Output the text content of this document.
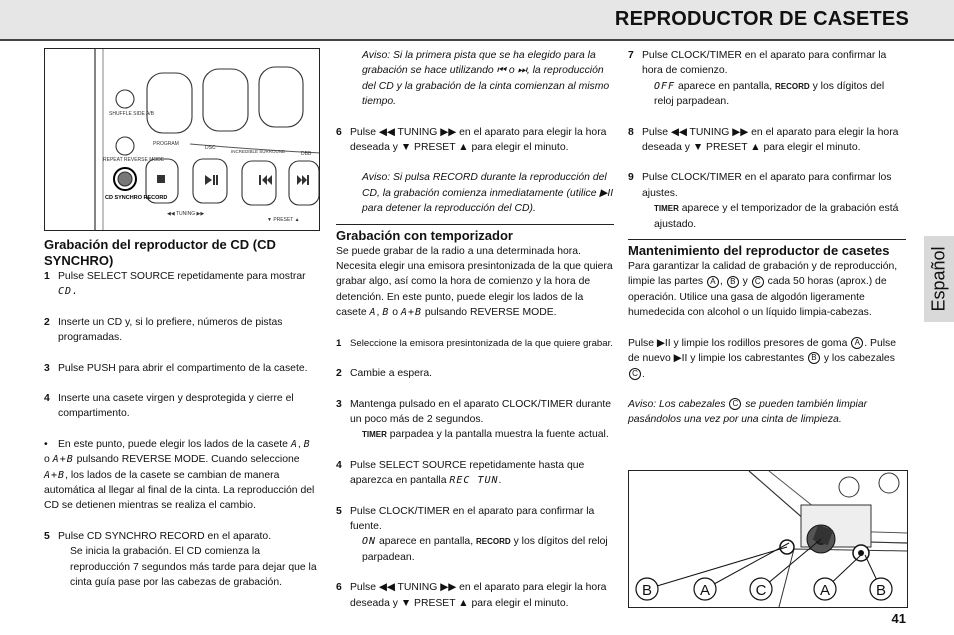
REPRODUCTOR DE CASETES
Español
SHUFFLE SIDE A/B
REPEAT REVERSE MODE
CD SYNCHRO RECORD
PROGRAM
DSC
INCREDIBLE SURROUND	DBB
◀◀ TUNING ▶▶
▼ PRESET ▲
Grabación del reproductor de CD (CD SYNCHRO)
1 Pulse SELECT SOURCE repetidamente para mostrar CD.
2 Inserte un CD y, si lo prefiere, números de pistas programadas.
3 Pulse PUSH para abrir el compartimento de la casete.
4 Inserte una casete virgen y desprotegida y cierre el compartimento.
• En este punto, puede elegir los lados de la casete A, B
o A+B pulsando REVERSE MODE. Cuando seleccione A+B, los lados de la casete se cambian de manera automática al llegar al final de la cinta. La reproducción del CD se detienen mientras se realiza el cambio.
5 Pulse CD SYNCHRO RECORD en el aparato.
Se inicia la grabación. El CD comienza la reproducción 7 segundos más tarde para dejar que la cinta guía pase por las cabezas de grabación.
Aviso: Si la primera pista que se ha elegido para la grabación se hace utilizando ⏮ o ⏭, la reproducción del CD y la grabación de la cinta comienzan al mismo tiempo.
6 Pulse ◀◀ TUNING ▶▶ en el aparato para elegir la hora deseada y ▼ PRESET ▲ para elegir el minuto.
Aviso: Si pulsa RECORD durante la reproducción del CD, la grabación comienza inmediatamente (utilice ▶II para detener la reproducción del CD).
Grabación con temporizador
Se puede grabar de la radio a una determinada hora. Necesita elegir una emisora presintonizada de la que quiera grabar algo, así como la hora de comienzo y la hora de detención. En este punto, puede elegir los lados de la casete A, B o A+B pulsando REVERSE MODE.
1 Seleccione la emisora presintonizada de la que quiere grabar.
2 Cambie a espera.
3 Mantenga pulsado en el aparato CLOCK/TIMER durante un poco más de 2 segundos.
TIMER parpadea y la pantalla muestra la fuente actual.
4 Pulse SELECT SOURCE repetidamente hasta que aparezca en pantalla REC TUN.
5 Pulse CLOCK/TIMER en el aparato para confirmar la fuente.
ON aparece en pantalla, RECORD y los dígitos del reloj parpadean.
6 Pulse ◀◀ TUNING ▶▶ en el aparato para elegir la hora deseada y ▼ PRESET ▲ para elegir el minuto.
7 Pulse CLOCK/TIMER en el aparato para confirmar la hora de comienzo.
OFF aparece en pantalla, RECORD y los dígitos del reloj parpadean.
8 Pulse ◀◀ TUNING ▶▶ en el aparato para elegir la hora deseada y ▼ PRESET ▲ para elegir el minuto.
9 Pulse CLOCK/TIMER en el aparato para confirmar los ajustes.
TIMER aparece y el temporizador de la grabación está ajustado.
Mantenimiento del reproductor de casetes
Para garantizar la calidad de grabación y de reproducción, limpie las partes A , B y C cada 50 horas (aprox.) de operación. Utilice una gasa de algodón ligeramente humedecida con alcohol o un líquido limpia-cabezas.
Pulse ▶II y limpie los rodillos presores de goma A . Pulse de nuevo ▶II y limpie los cabrestantes B y los cabezales C .
Aviso: Los cabezales C se pueden también limpiar pasándolos una vez por una cinta de limpieza.
B	A	C	A	B
41
